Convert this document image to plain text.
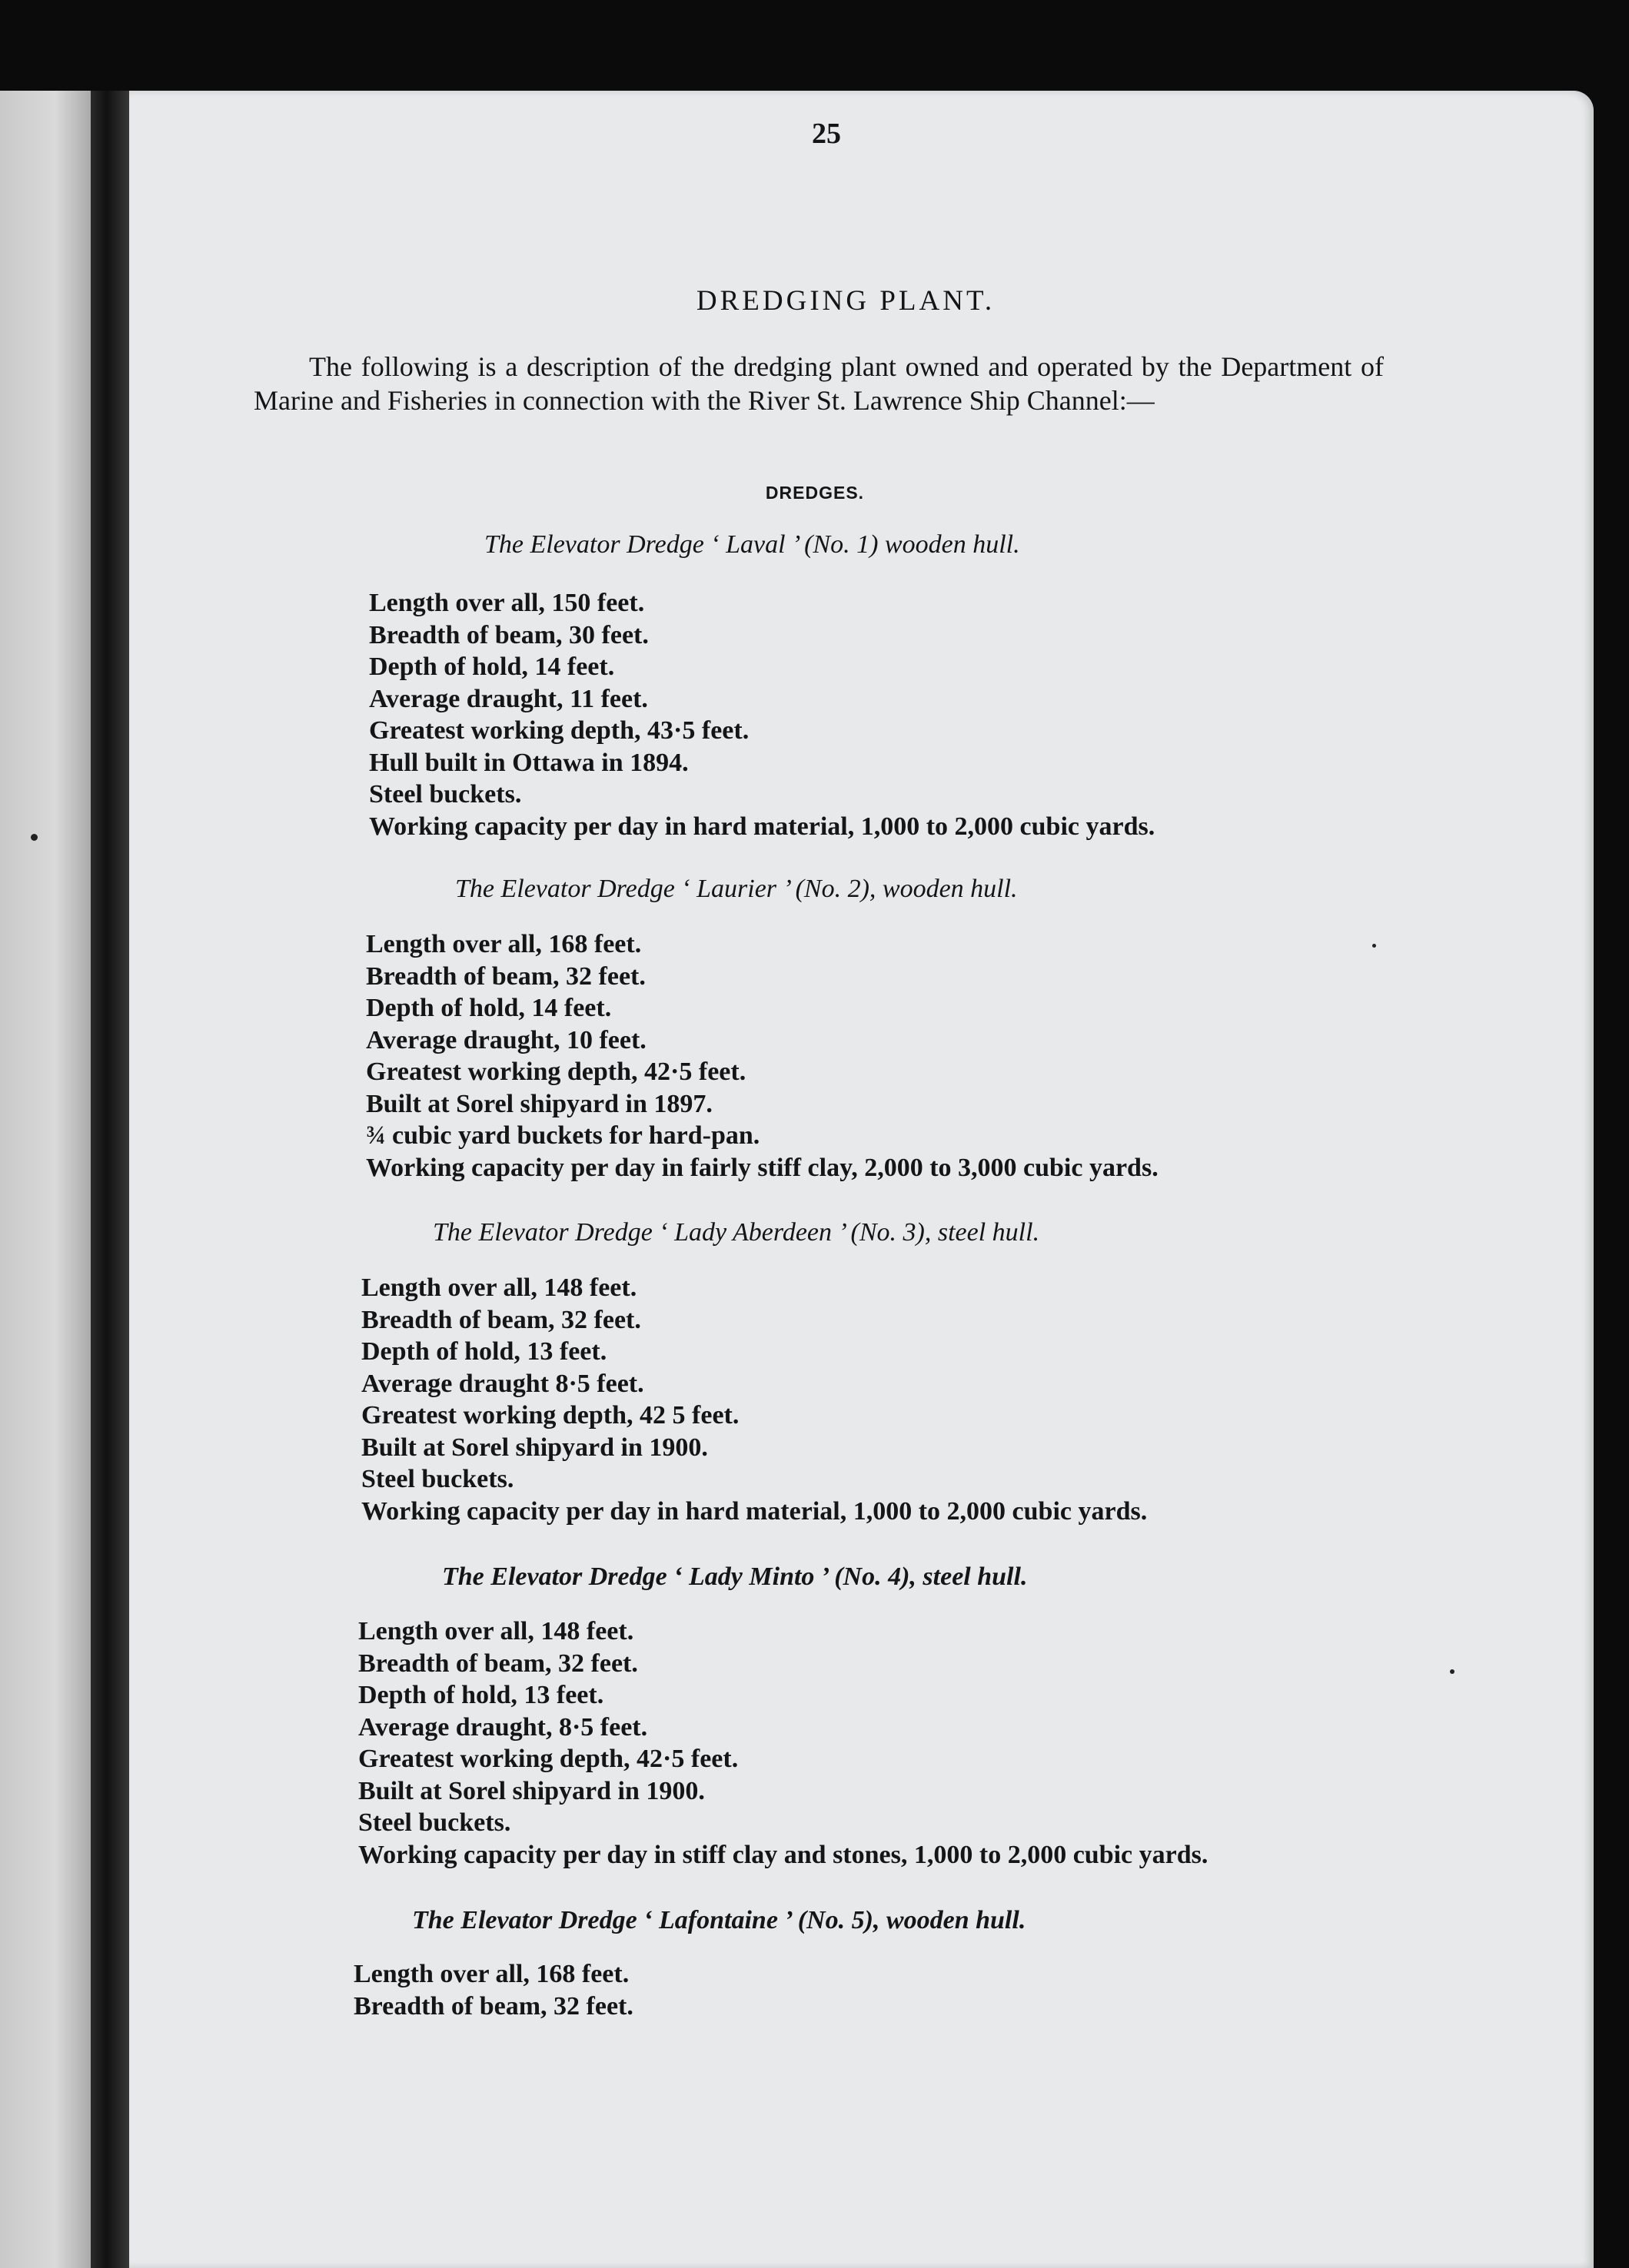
25
DREDGING PLANT.
The following is a description of the dredging plant owned and operated by the Department of Marine and Fisheries in connection with the River St. Lawrence Ship Channel:—
DREDGES.
The Elevator Dredge ‘ Laval ’ (No. 1) wooden hull.
Length over all, 150 feet.
Breadth of beam, 30 feet.
Depth of hold, 14 feet.
Average draught, 11 feet.
Greatest working depth, 43·5 feet.
Hull built in Ottawa in 1894.
Steel buckets.
Working capacity per day in hard material, 1,000 to 2,000 cubic yards.
The Elevator Dredge ‘ Laurier ’ (No. 2), wooden hull.
Length over all, 168 feet.
Breadth of beam, 32 feet.
Depth of hold, 14 feet.
Average draught, 10 feet.
Greatest working depth, 42·5 feet.
Built at Sorel shipyard in 1897.
¾ cubic yard buckets for hard-pan.
Working capacity per day in fairly stiff clay, 2,000 to 3,000 cubic yards.
The Elevator Dredge ‘ Lady Aberdeen ’ (No. 3), steel hull.
Length over all, 148 feet.
Breadth of beam, 32 feet.
Depth of hold, 13 feet.
Average draught 8·5 feet.
Greatest working depth, 42 5 feet.
Built at Sorel shipyard in 1900.
Steel buckets.
Working capacity per day in hard material, 1,000 to 2,000 cubic yards.
The Elevator Dredge ‘ Lady Minto ’ (No. 4), steel hull.
Length over all, 148 feet.
Breadth of beam, 32 feet.
Depth of hold, 13 feet.
Average draught, 8·5 feet.
Greatest working depth, 42·5 feet.
Built at Sorel shipyard in 1900.
Steel buckets.
Working capacity per day in stiff clay and stones, 1,000 to 2,000 cubic yards.
The Elevator Dredge ‘ Lafontaine ’ (No. 5), wooden hull.
Length over all, 168 feet.
Breadth of beam, 32 feet.
